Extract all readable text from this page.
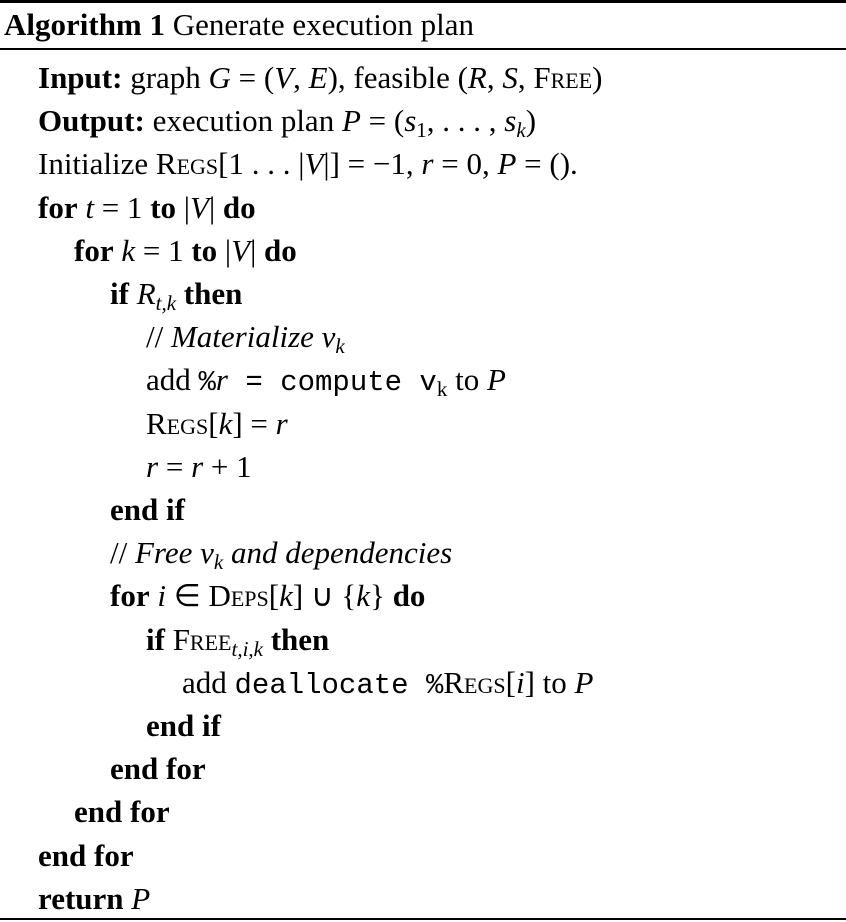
Algorithm 1 Generate execution plan
Input: graph G = (V, E), feasible (R, S, Free)
Output: execution plan $P = (s_1$, . . . , $s_k$)
Initialize Regs[1 . . . |V|] = −1, r = 0, P = ().
for t = 1 to |V| do
for k = 1 to |V| do
if $R_{t,k}$ then
// Materialize $v_k$
add %r = compute $v_k$ to P
Regs[k] = r
r = r + 1
end if
// Free $v_k$ and dependencies
for i ∈ Deps[k] ∪ {k} do
if Free$_{t,i,k}$ then
add deallocate %Regs[i] to P
end if
end for
end for
end for
return P
